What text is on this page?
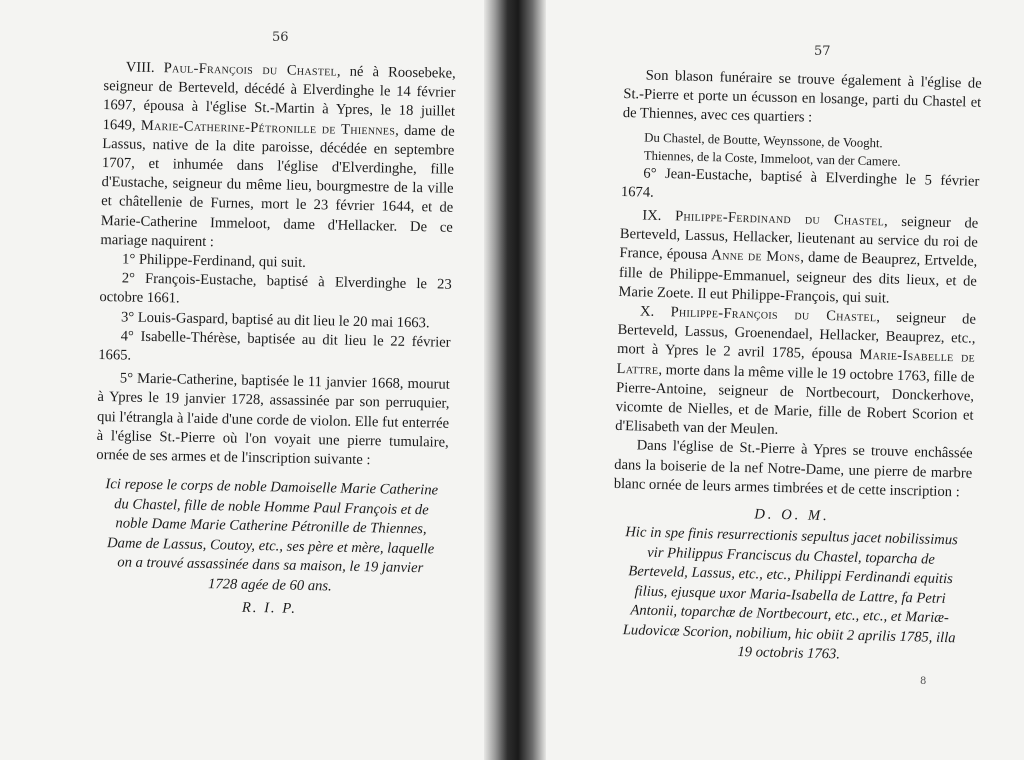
56

VIII. Paul-François du Chastel, né à Roosebeke, seigneur de Berteveld, décédé à Elverdinghe le 14 février 1697, épousa à l'église St.-Martin à Ypres, le 18 juillet 1649, Marie-Catherine-Pétronille de Thiennes, dame de Lassus, native de la dite paroisse, décédée en septembre 1707, et inhumée dans l'église d'Elverdinghe, fille d'Eustache, seigneur du même lieu, bourgmestre de la ville et châtellenie de Furnes, mort le 23 février 1644, et de Marie-Catherine Immeloot, dame d'Hellacker. De ce mariage naquirent :

1° Philippe-Ferdinand, qui suit.

2° François-Eustache, baptisé à Elverdinghe le 23 octobre 1661.

3° Louis-Gaspard, baptisé au dit lieu le 20 mai 1663.

4° Isabelle-Thérèse, baptisée au dit lieu le 22 février 1665.

5° Marie-Catherine, baptisée le 11 janvier 1668, mourut à Ypres le 19 janvier 1728, assassinée par son perruquier, qui l'étrangla à l'aide d'une corde de violon. Elle fut enterrée à l'église St.-Pierre où l'on voyait une pierre tumulaire, ornée de ses armes et de l'inscription suivante :

Ici repose le corps de noble Damoiselle Marie Catherine du Chastel, fille de noble Homme Paul François et de noble Dame Marie Catherine Pétronille de Thiennes, Dame de Lassus, Coutoy, etc., ses père et mère, laquelle on a trouvé assassinée dans sa maison, le 19 janvier 1728 agée de 60 ans.

R. I. P.

57

Son blason funéraire se trouve également à l'église de St.-Pierre et porte un écusson en losange, parti du Chastel et de Thiennes, avec ces quartiers :

Du Chastel, de Boutte, Weynssone, de Vooght.

Thiennes, de la Coste, Immeloot, van der Camere.

6° Jean-Eustache, baptisé à Elverdinghe le 5 février 1674.

IX. Philippe-Ferdinand du Chastel, seigneur de Berteveld, Lassus, Hellacker, lieutenant au service du roi de France, épousa Anne de Mons, dame de Beauprez, Ertvelde, fille de Philippe-Emmanuel, seigneur des dits lieux, et de Marie Zoete. Il eut Philippe-François, qui suit.

X. Philippe-François du Chastel, seigneur de Berteveld, Lassus, Groenendael, Hellacker, Beauprez, etc., mort à Ypres le 2 avril 1785, épousa Marie-Isabelle de Lattre, morte dans la même ville le 19 octobre 1763, fille de Pierre-Antoine, seigneur de Nortbecourt, Donckerhove, vicomte de Nielles, et de Marie, fille de Robert Scorion et d'Elisabeth van der Meulen.

Dans l'église de St.-Pierre à Ypres se trouve enchâssée dans la boiserie de la nef Notre-Dame, une pierre de marbre blanc ornée de leurs armes timbrées et de cette inscription :

D. O. M.

Hic in spe finis resurrectionis sepultus jacet nobilissimus vir Philippus Franciscus du Chastel, toparcha de Berteveld, Lassus, etc., etc., Philippi Ferdinandi equitis filius, ejusque uxor Maria-Isabella de Lattre, fa Petri Antonii, toparchæ de Nortbecourt, etc., etc., et Mariæ-Ludovicæ Scorion, nobilium, hic obiit 2 aprilis 1785, illa 19 octobris 1763.

8
